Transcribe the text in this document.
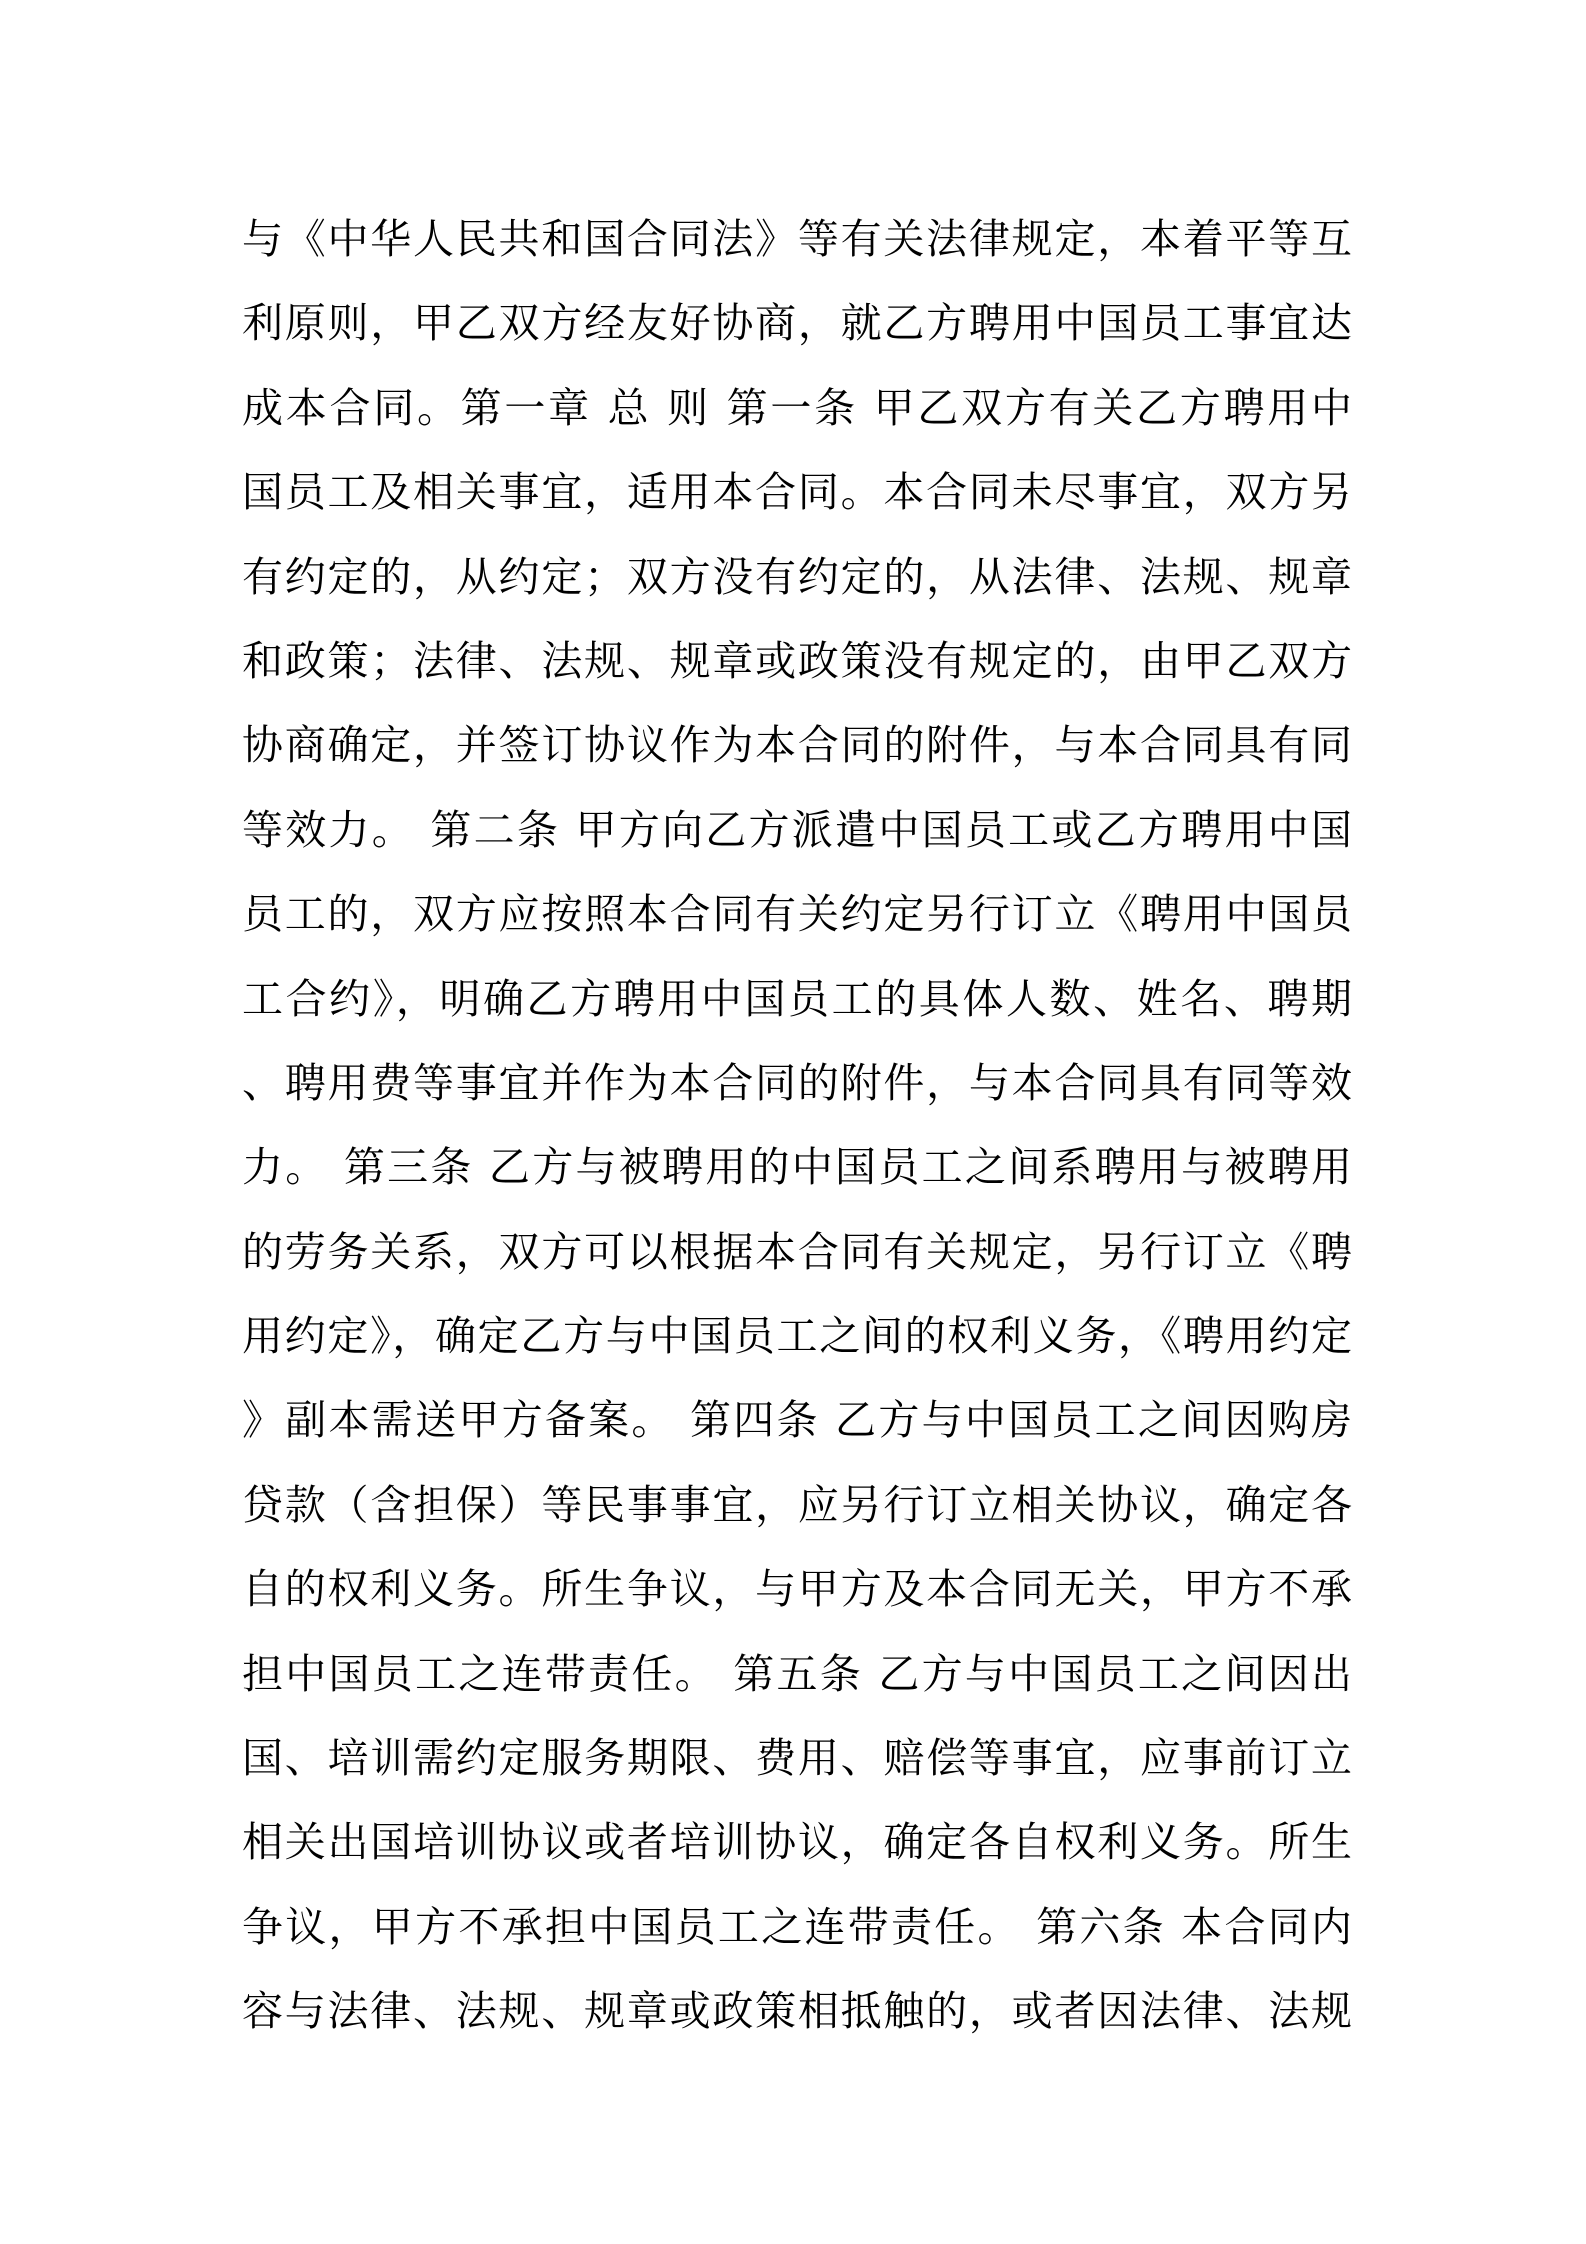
与《中华人民共和国合同法》等有关法律规定，本着平等互
利原则，甲乙双方经友好协商，就乙方聘用中国员工事宜达
成本合同。第一章 总 则 第一条 甲乙双方有关乙方聘用中
国员工及相关事宜，适用本合同。本合同未尽事宜，双方另
有约定的，从约定；双方没有约定的，从法律、法规、规章
和政策；法律、法规、规章或政策没有规定的，由甲乙双方
协商确定，并签订协议作为本合同的附件，与本合同具有同
等效力。 第二条 甲方向乙方派遣中国员工或乙方聘用中国
员工的，双方应按照本合同有关约定另行订立《聘用中国员
工合约》，明确乙方聘用中国员工的具体人数、姓名、聘期
、聘用费等事宜并作为本合同的附件，与本合同具有同等效
力。 第三条 乙方与被聘用的中国员工之间系聘用与被聘用
的劳务关系，双方可以根据本合同有关规定，另行订立《聘
用约定》，确定乙方与中国员工之间的权利义务，《聘用约定
》副本需送甲方备案。 第四条 乙方与中国员工之间因购房
贷款（含担保）等民事事宜，应另行订立相关协议，确定各
自的权利义务。所生争议，与甲方及本合同无关，甲方不承
担中国员工之连带责任。 第五条 乙方与中国员工之间因出
国、培训需约定服务期限、费用、赔偿等事宜，应事前订立
相关出国培训协议或者培训协议，确定各自权利义务。所生
争议，甲方不承担中国员工之连带责任。 第六条 本合同内
容与法律、法规、规章或政策相抵触的，或者因法律、法规
